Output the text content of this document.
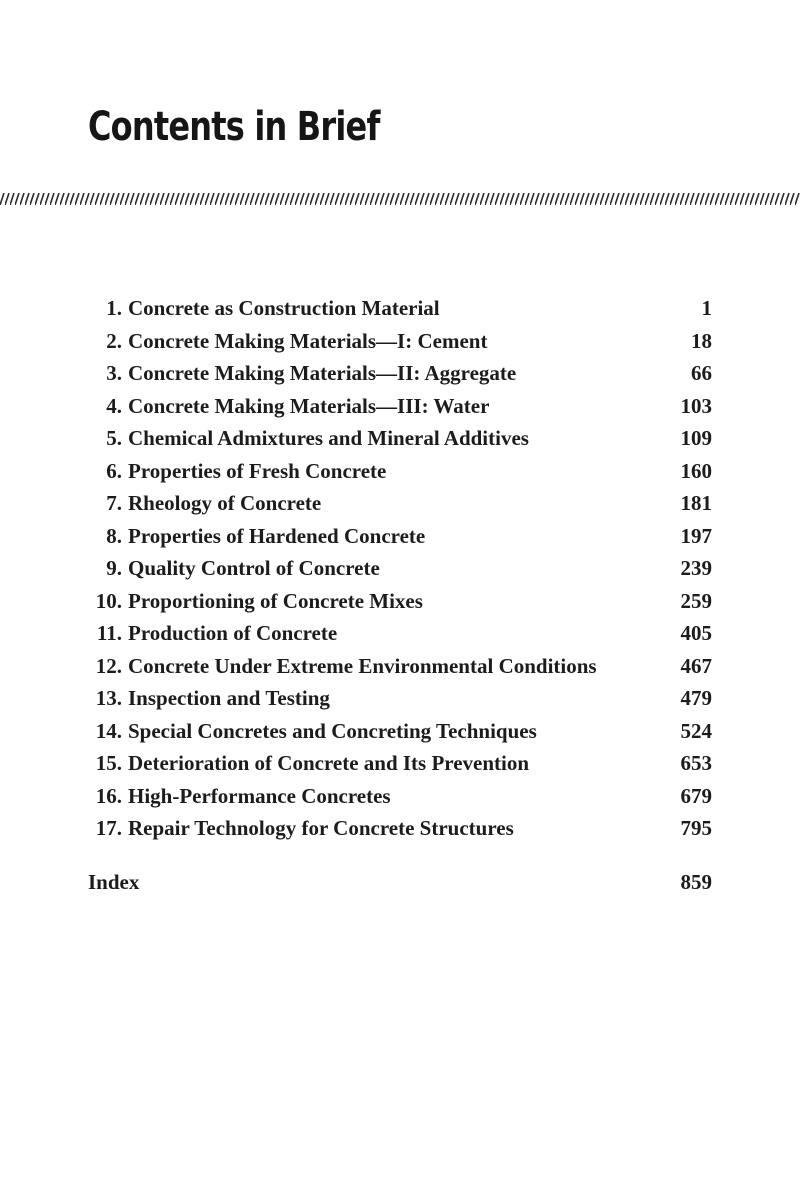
Contents in Brief
1. Concrete as Construction Material	1
2. Concrete Making Materials—I: Cement	18
3. Concrete Making Materials—II: Aggregate	66
4. Concrete Making Materials—III: Water	103
5. Chemical Admixtures and Mineral Additives	109
6. Properties of Fresh Concrete	160
7. Rheology of Concrete	181
8. Properties of Hardened Concrete	197
9. Quality Control of Concrete	239
10. Proportioning of Concrete Mixes	259
11. Production of Concrete	405
12. Concrete Under Extreme Environmental Conditions	467
13. Inspection and Testing	479
14. Special Concretes and Concreting Techniques	524
15. Deterioration of Concrete and Its Prevention	653
16. High-Performance Concretes	679
17. Repair Technology for Concrete Structures	795
Index	859
